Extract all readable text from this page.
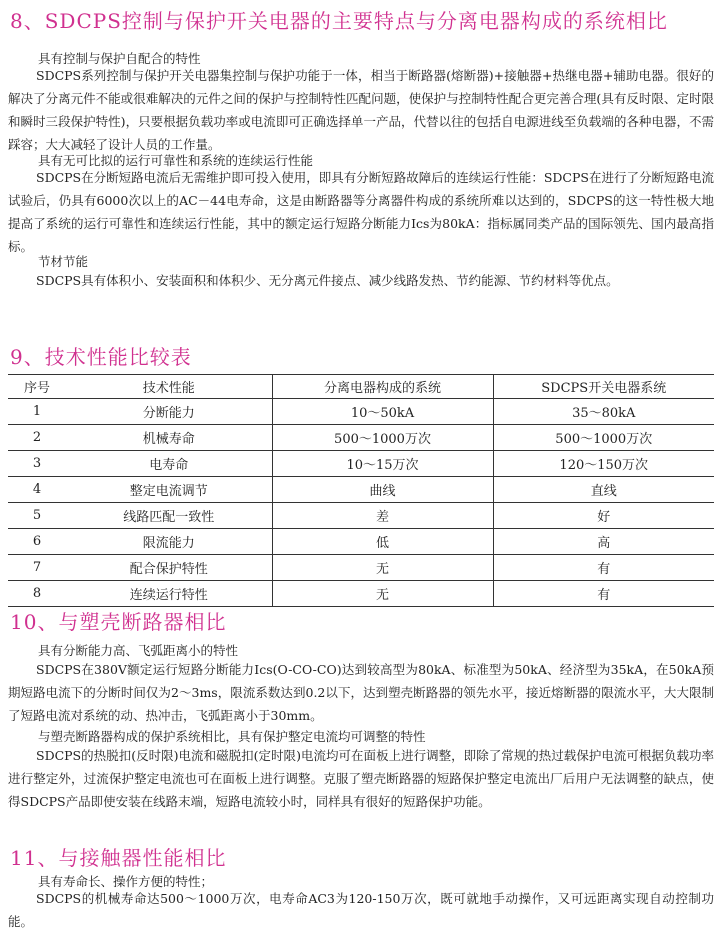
8、SDCPS控制与保护开关电器的主要特点与分离电器构成的系统相比
具有控制与保护自配合的特性

SDCPS系列控制与保护开关电器集控制与保护功能于一体，相当于断路器(熔断器)+接触器+热继电器+辅助电器。很好的解决了分离元件不能或很难解决的元件之间的保护与控制特性匹配问题，使保护与控制特性配合更完善合理(具有反时限、定时限和瞬时三段保护特性)，只要根据负载功率或电流即可正确选择单一产品，代替以往的包括自电源进线至负载端的各种电器，不需踩容；大大减轻了设计人员的工作量。

具有无可比拟的运行可靠性和系统的连续运行性能

SDCPS在分断短路电流后无需维护即可投入使用，即具有分断短路故障后的连续运行性能：SDCPS在进行了分断短路电流试验后，仍具有6000次以上的AC－44电寿命，这是由断路器等分离器件构成的系统所难以达到的，SDCPS的这一特性极大地提高了系统的运行可靠性和连续运行性能，其中的额定运行短路分断能力Ics为80kA：指标属同类产品的国际领先、国内最高指标。

节材节能

SDCPS具有体积小、安装面积和体积少、无分离元件接点、减少线路发热、节约能源、节约材料等优点。

9、技术性能比较表
序号	技术性能	分离电器构成的系统	SDCPS开关电器系统
1	分断能力	10～50kA	35～80kA
2	机械寿命	500～1000万次	500～1000万次
3	电寿命	10～15万次	120～150万次
4	整定电流调节	曲线	直线
5	线路匹配一致性	差	好
6	限流能力	低	高
7	配合保护特性	无	有
8	连续运行特性	无	有
10、与塑壳断路器相比
具有分断能力高、飞弧距离小的特性

SDCPS在380V额定运行短路分断能力Ics(O-CO-CO)达到较高型为80kA、标准型为50kA、经济型为35kA，在50kA预期短路电流下的分断时间仅为2～3ms，限流系数达到0.2以下，达到塑壳断路器的领先水平，接近熔断器的限流水平，大大限制了短路电流对系统的动、热冲击，飞弧距离小于30mm。

与塑壳断路器构成的保护系统相比，具有保护整定电流均可调整的特性

SDCPS的热脱扣(反时限)电流和磁脱扣(定时限)电流均可在面板上进行调整，即除了常规的热过载保护电流可根据负载功率进行整定外，过流保护整定电流也可在面板上进行调整。克服了塑壳断路器的短路保护整定电流出厂后用户无法调整的缺点，使得SDCPS产品即使安装在线路末端，短路电流较小时，同样具有很好的短路保护功能。

11、与接触器性能相比
具有寿命长、操作方便的特性；

SDCPS的机械寿命达500～1000万次，电寿命AC3为120-150万次，既可就地手动操作，又可远距离实现自动控制功能。
